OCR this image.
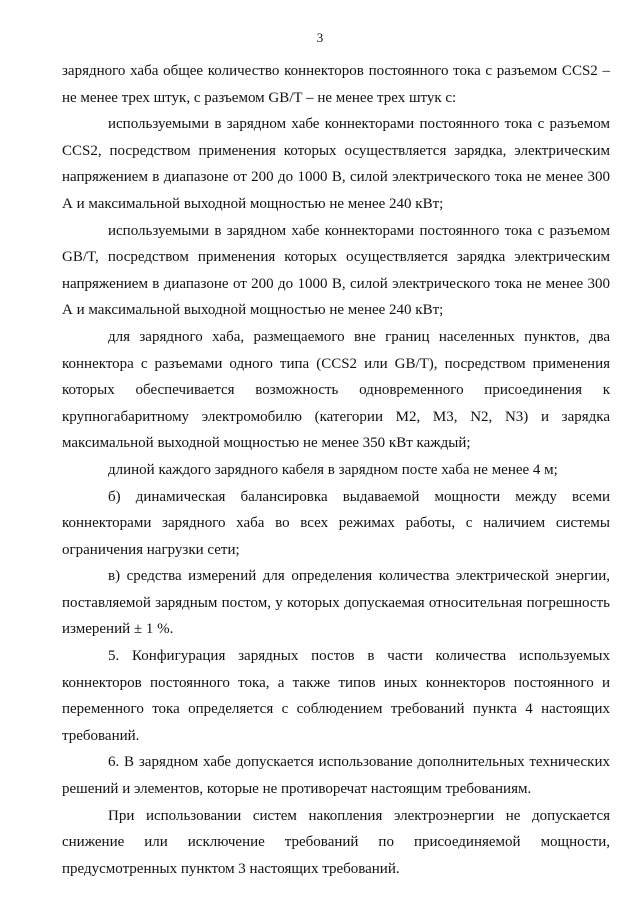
3

зарядного хаба общее количество коннекторов постоянного тока с разъемом CCS2 – не менее трех штук, с разъемом GB/T – не менее трех штук с:

используемыми в зарядном хабе коннекторами постоянного тока с разъемом CCS2, посредством применения которых осуществляется зарядка, электрическим напряжением в диапазоне от 200 до 1000 В, силой электрического тока не менее 300 А и максимальной выходной мощностью не менее 240 кВт;

используемыми в зарядном хабе коннекторами постоянного тока с разъемом GB/T, посредством применения которых осуществляется зарядка электрическим напряжением в диапазоне от 200 до 1000 В, силой электрического тока не менее 300 А и максимальной выходной мощностью не менее 240 кВт;

для зарядного хаба, размещаемого вне границ населенных пунктов, два коннектора с разъемами одного типа (CCS2 или GB/T), посредством применения которых обеспечивается возможность одновременного присоединения к крупногабаритному электромобилю (категории M2, M3, N2, N3) и зарядка максимальной выходной мощностью не менее 350 кВт каждый;

длиной каждого зарядного кабеля в зарядном посте хаба не менее 4 м;

б) динамическая балансировка выдаваемой мощности между всеми коннекторами зарядного хаба во всех режимах работы, с наличием системы ограничения нагрузки сети;

в) средства измерений для определения количества электрической энергии, поставляемой зарядным постом, у которых допускаемая относительная погрешность измерений ± 1 %.

5. Конфигурация зарядных постов в части количества используемых коннекторов постоянного тока, а также типов иных коннекторов постоянного и переменного тока определяется с соблюдением требований пункта 4 настоящих требований.

6. В зарядном хабе допускается использование дополнительных технических решений и элементов, которые не противоречат настоящим требованиям.

При использовании систем накопления электроэнергии не допускается снижение или исключение требований по присоединяемой мощности, предусмотренных пунктом 3 настоящих требований.
